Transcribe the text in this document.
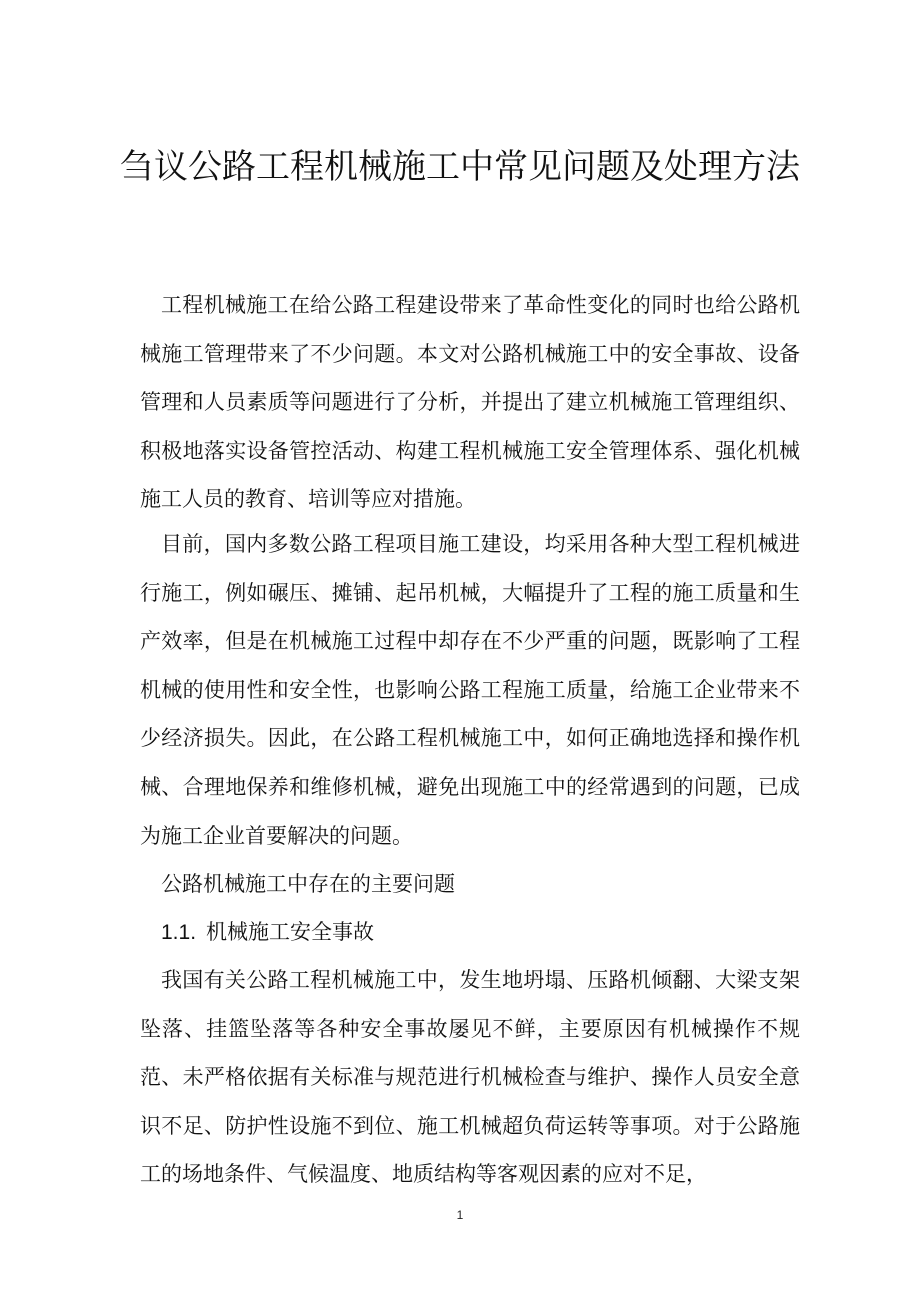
刍议公路工程机械施工中常见问题及处理方法

工程机械施工在给公路工程建设带来了革命性变化的同时也给公路机械施工管理带来了不少问题。本文对公路机械施工中的安全事故、设备管理和人员素质等问题进行了分析，并提出了建立机械施工管理组织、积极地落实设备管控活动、构建工程机械施工安全管理体系、强化机械施工人员的教育、培训等应对措施。

目前，国内多数公路工程项目施工建设，均采用各种大型工程机械进行施工，例如碾压、摊铺、起吊机械，大幅提升了工程的施工质量和生产效率，但是在机械施工过程中却存在不少严重的问题，既影响了工程机械的使用性和安全性，也影响公路工程施工质量，给施工企业带来不少经济损失。因此，在公路工程机械施工中，如何正确地选择和操作机械、合理地保养和维修机械，避免出现施工中的经常遇到的问题，已成为施工企业首要解决的问题。

公路机械施工中存在的主要问题

1.1. 机械施工安全事故

我国有关公路工程机械施工中，发生地坍塌、压路机倾翻、大梁支架坠落、挂篮坠落等各种安全事故屡见不鲜，主要原因有机械操作不规范、未严格依据有关标准与规范进行机械检查与维护、操作人员安全意识不足、防护性设施不到位、施工机械超负荷运转等事项。对于公路施工的场地条件、气候温度、地质结构等客观因素的应对不足，

1
